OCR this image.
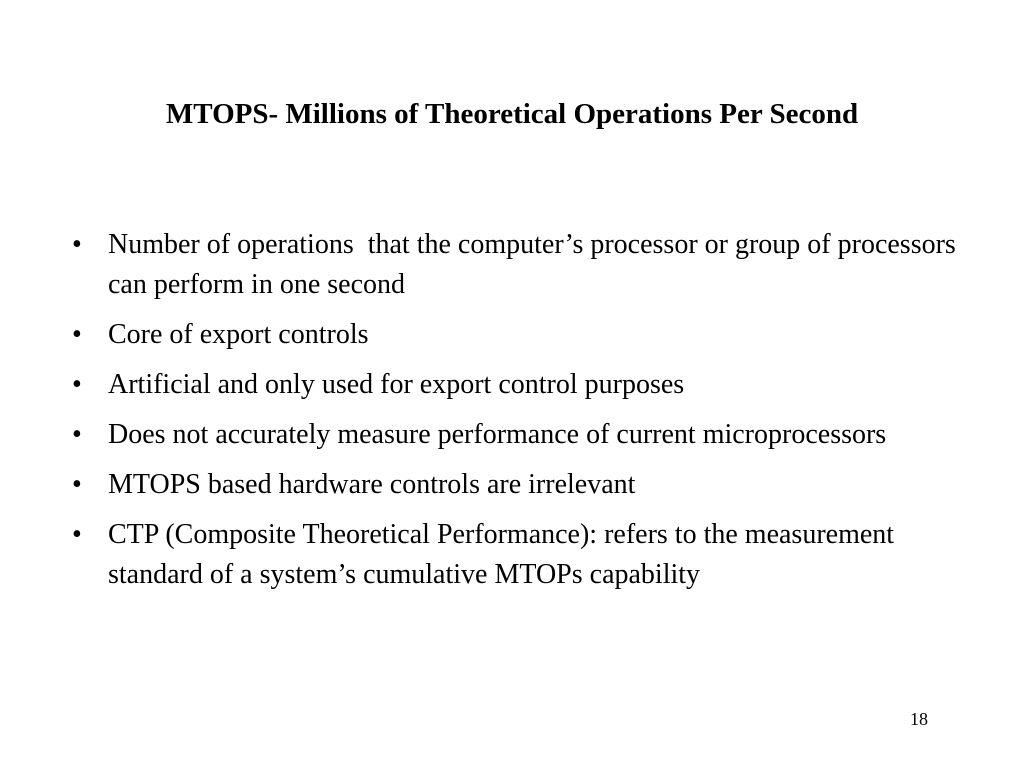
MTOPS- Millions of Theoretical Operations Per Second
• Number of operations  that the computer’s processor or group of processors  can perform in one second
• Core of export controls
• Artificial and only used for export control purposes
• Does not accurately measure performance of current microprocessors
• MTOPS based hardware controls are irrelevant
• CTP (Composite Theoretical Performance): refers to the measurement standard of a system’s cumulative MTOPs capability
18
